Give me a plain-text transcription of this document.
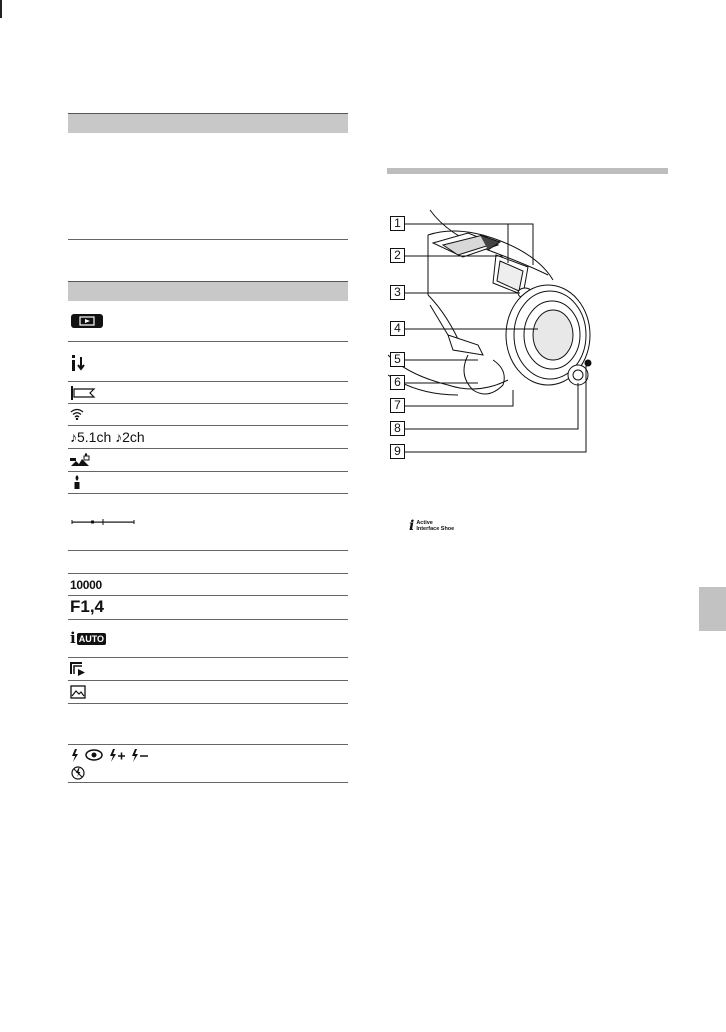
♪5.1ch ♪2ch
10000
F1,4
i AUTO
1
2
3
4
5
6
7
8
9
i Active
Interface Shoe
